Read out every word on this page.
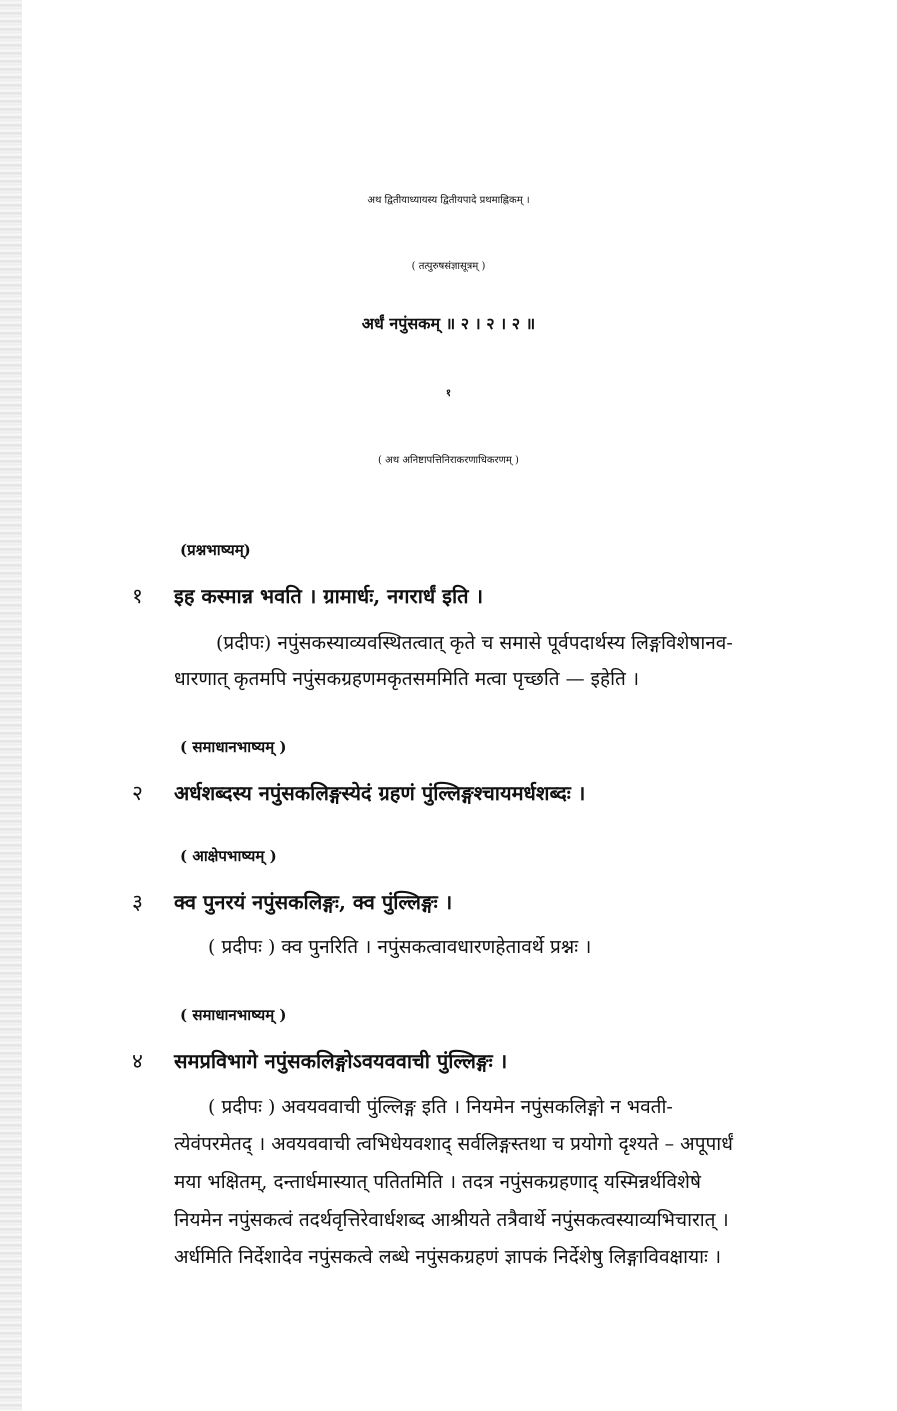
अथ द्वितीयाध्यायस्य द्वितीयपादे प्रथमाह्निकम् ।
( तत्पुरुषसंज्ञासूत्रम् )
अर्धं नपुंसकम् ॥ २ । २ । २ ॥
१
( अथ अनिष्टापत्तिनिराकरणाधिकरणम् )
(प्रश्नभाष्यम्)
१ इह कस्मान्न भवति । ग्रामार्धः, नगरार्धं इति ।
(प्रदीपः) नपुंसकस्याव्यवस्थितत्वात् कृते च समासे पूर्वपदार्थस्य लिङ्गविशेषानव-
धारणात् कृतमपि नपुंसकग्रहणमकृतसममिति मत्वा पृच्छति — इहेति ।
( समाधानभाष्यम् )
२ अर्धशब्दस्य नपुंसकलिङ्गस्येदं ग्रहणं पुंल्लिङ्गश्चायमर्धशब्दः ।
( आक्षेपभाष्यम् )
३ क्व पुनरयं नपुंसकलिङ्गः, क्व पुंल्लिङ्गः ।
( प्रदीपः ) क्व पुनरिति । नपुंसकत्वावधारणहेतावर्थे प्रश्नः ।
( समाधानभाष्यम् )
४ समप्रविभागे नपुंसकलिङ्गोऽवयववाची पुंल्लिङ्गः ।
( प्रदीपः ) अवयववाची पुंल्लिङ्ग इति । नियमेन नपुंसकलिङ्गो न भवती-
त्येवंपरमेतद् । अवयववाची त्वभिधेयवशाद् सर्वलिङ्गस्तथा च प्रयोगो दृश्यते – अपूपार्धं
मया भक्षितम्, दन्तार्धमास्यात् पतितमिति । तदत्र नपुंसकग्रहणाद् यस्मिन्नर्थविशेषे
नियमेन नपुंसकत्वं तदर्थवृत्तिरेवार्धशब्द आश्रीयते तत्रैवार्थे नपुंसकत्वस्याव्यभिचारात् ।
अर्धमिति निर्देशादेव नपुंसकत्वे लब्धे नपुंसकग्रहणं ज्ञापकं निर्देशेषु लिङ्गाविवक्षायाः ।
